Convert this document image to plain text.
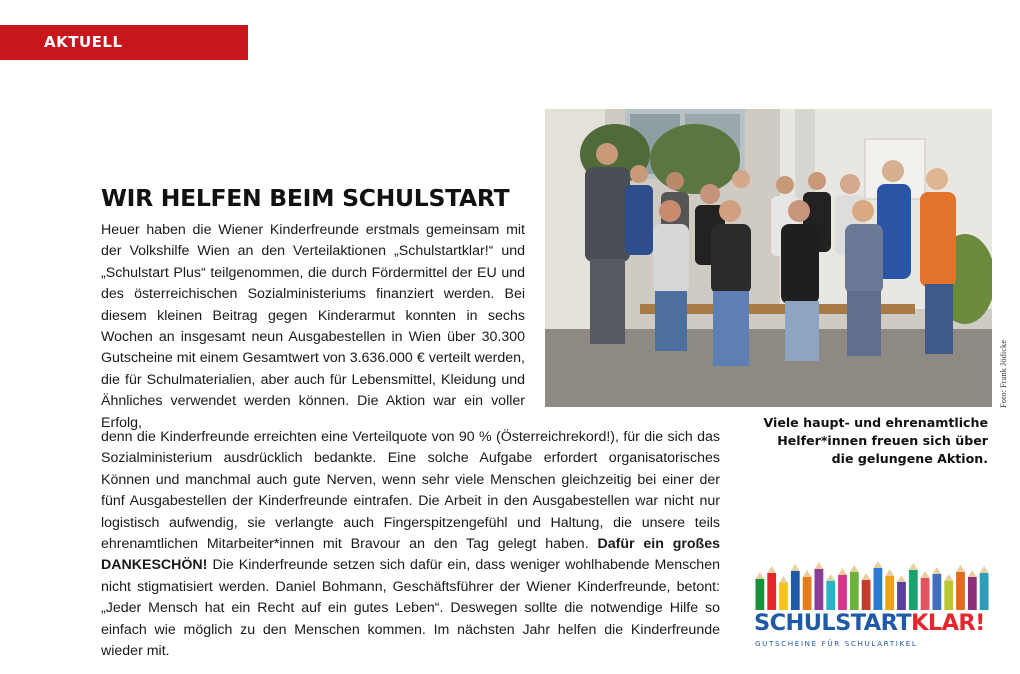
AKTUELL
WIR HELFEN BEIM SCHULSTART

Heuer haben die Wiener Kinderfreunde erstmals gemeinsam mit der Volkshilfe Wien an den Verteilaktionen „Schulstartklar!“ und „Schulstart Plus“ teilgenommen, die durch Fördermittel der EU und des österreichischen Sozialministeriums finanziert werden. Bei diesem kleinen Beitrag gegen Kinderarmut konnten in sechs Wochen an insgesamt neun Ausgabestellen in Wien über 30.300 Gutscheine mit einem Gesamtwert von 3.636.000 € verteilt werden, die für Schulmaterialien, aber auch für Lebensmittel, Kleidung und Ähnliches verwendet werden können. Die Aktion war ein voller Erfolg,

denn die Kinderfreunde erreichten eine Verteilquote von 90 % (Österreichrekord!), für die sich das Sozialministerium ausdrücklich bedankte. Eine solche Aufgabe erfordert organisatorisches Können und manchmal auch gute Nerven, wenn sehr viele Menschen gleichzeitig bei einer der fünf Ausgabestellen der Kinderfreunde eintrafen. Die Arbeit in den Ausgabestellen war nicht nur logistisch aufwendig, sie verlangte auch Fingerspitzengefühl und Haltung, die unsere teils ehrenamtlichen Mitarbeiter*innen mit Bravour an den Tag gelegt haben. Dafür ein großes DANKESCHÖN! Die Kinderfreunde setzen sich dafür ein, dass weniger wohlhabende Menschen nicht stigmatisiert werden. Daniel Bohmann, Geschäftsführer der Wiener Kinderfreunde, betont: „Jeder Mensch hat ein Recht auf ein gutes Leben“. Deswegen sollte die notwendige Hilfe so einfach wie möglich zu den Menschen kommen. Im nächsten Jahr helfen die Kinderfreunde wieder mit.

Foto: Frank Jödicke
Viele haupt- und ehrenamtliche Helfer*innen freuen sich über die gelungene Aktion.
SCHULSTARTKLAR!
GUTSCHEINE FÜR SCHULARTIKEL
